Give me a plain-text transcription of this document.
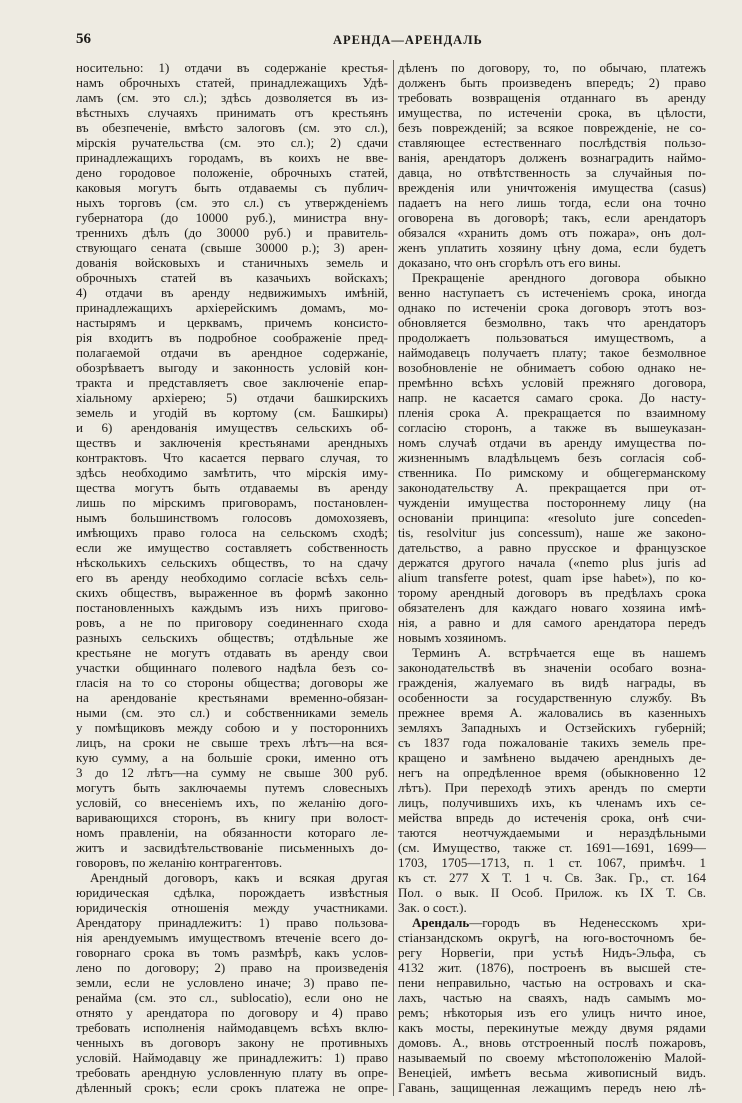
56	АРЕНДА—АРЕНДАЛЬ
носительно: 1) отдачи въ содержаніе крестья-
намъ оброчныхъ статей, принадлежащихъ Удѣ-
ламъ (см. это сл.); здѣсь дозволяется въ из-
вѣстныхъ случаяхъ принимать отъ крестьянъ
въ обезпеченіе, вмѣсто залоговъ (см. это сл.),
мірскія ручательства (см. это сл.); 2) сдачи
принадлежащихъ городамъ, въ коихъ не вве-
дено городовое положеніе, оброчныхъ статей,
каковыя могутъ быть отдаваемы съ публич-
ныхъ торговъ (см. это сл.) съ утвержденіемъ
губернатора (до 10000 руб.), министра вну-
треннихъ дѣлъ (до 30000 руб.) и правитель-
ствующаго сената (свыше 30000 р.); 3) арен-
дованія войсковыхъ и станичныхъ земель и
оброчныхъ статей въ казачьихъ войскахъ;
4) отдачи въ аренду недвижимыхъ имѣній,
принадлежащихъ архіерейскимъ домамъ, мо-
настырямъ и церквамъ, причемъ консисто-
рія входитъ въ подробное соображеніе пред-
полагаемой отдачи въ арендное содержаніе,
обозрѣваетъ выгоду и законность условій кон-
тракта и представляетъ свое заключеніе епар-
хіальному архіерею; 5) отдачи башкирскихъ
земель и угодій въ кортому (см. Башкиры)
и 6) арендованія имуществъ сельскихъ об-
ществъ и заключенія крестьянами арендныхъ
контрактовъ. Что касается перваго случая, то
здѣсь необходимо замѣтить, что мірскія иму-
щества могутъ быть отдаваемы въ аренду
лишь по мірскимъ приговорамъ, постановлен-
нымъ большинствомъ голосовъ домохозяевъ,
имѣющихъ право голоса на сельскомъ сходѣ;
если же имущество составляетъ собственность
нѣсколькихъ сельскихъ обществъ, то на сдачу
его въ аренду необходимо согласіе всѣхъ сель-
скихъ обществъ, выраженное въ формѣ законно
постановленныхъ каждымъ изъ нихъ пригово-
ровъ, а не по приговору соединеннаго схода
разныхъ сельскихъ обществъ; отдѣльные же
крестьяне не могутъ отдавать въ аренду свои
участки общиннаго полевого надѣла безъ со-
гласія на то со стороны общества; договоры же
на арендованіе крестьянами временно-обязан-
ными (см. это сл.) и собственниками земель
у помѣщиковъ между собою и у постороннихъ
лицъ, на сроки не свыше трехъ лѣтъ—на вся-
кую сумму, а на большіе сроки, именно отъ
3 до 12 лѣтъ—на сумму не свыше 300 руб.
могутъ быть заключаемы путемъ словесныхъ
условій, со внесеніемъ ихъ, по желанію дого-
варивающихся сторонъ, въ книгу при волост-
номъ правленіи, на обязанности котораго ле-
житъ и засвидѣтельствованіе письменныхъ до-
говоровъ, по желанію контрагентовъ.
Арендный договоръ, какъ и всякая другая
юридическая сдѣлка, порождаетъ извѣстныя
юридическія отношенія между участниками.
Арендатору принадлежитъ: 1) право пользова-
нія арендуемымъ имуществомъ втеченіе всего до-
говорнаго срока въ томъ размѣрѣ, какъ услов-
лено по договору; 2) право на произведенія
земли, если не условлено иначе; 3) право пе-
ренайма (см. это сл., sublocatio), если оно не
отнято у арендатора по договору и 4) право
требовать исполненія наймодавцемъ всѣхъ вклю-
ченныхъ въ договоръ закону не противныхъ
условій. Наймодавцу же принадлежитъ: 1) право
требовать арендную условленную плату въ опре-
дѣленный срокъ; если срокъ платежа не опре-
дѣленъ по договору, то, по обычаю, платежъ
долженъ быть произведенъ впередъ; 2) право
требовать возвращенія отданнаго въ аренду
имущества, по истеченіи срока, въ цѣлости,
безъ поврежденій; за всякое поврежденіе, не со-
ставляющее естественнаго послѣдствія пользо-
ванія, арендаторъ долженъ вознаградить наймо-
давца, но отвѣтственность за случайныя по-
врежденія или уничтоженія имущества (casus)
падаетъ на него лишь тогда, если она точно
оговорена въ договорѣ; такъ, если арендаторъ
обязался «хранить домъ отъ пожара», онъ дол-
женъ уплатить хозяину цѣну дома, если будетъ
доказано, что онъ сгорѣлъ отъ его вины.
Прекращеніе арендного договора обыкно
венно наступаетъ съ истеченіемъ срока, иногда
однако по истеченіи срока договоръ этотъ воз-
обновляется безмолвно, такъ что арендаторъ
продолжаетъ пользоваться имуществомъ, а
наймодавецъ получаетъ плату; такое безмолвное
возобновленіе не обнимаетъ собою однако не-
премѣнно всѣхъ условій прежняго договора,
напр. не касается самаго срока. До насту-
пленія срока А. прекращается по взаимному
согласію сторонъ, а также въ вышеуказан-
номъ случаѣ отдачи въ аренду имущества по-
жизненнымъ владѣльцемъ безъ согласія соб-
ственника. По римскому и общегерманскому
законодательству А. прекращается при от-
чужденіи имущества постороннему лицу (на
основаніи принципа: «resoluto jure conceden-
tis, resolvitur jus concessum), наше же законо-
дательство, а равно прусское и французское
держатся другого начала («nemo plus juris ad
alium transferre potest, quam ipse habet»), по ко-
торому арендный договоръ въ предѣлахъ срока
обязателенъ для каждаго новаго хозяина имѣ-
нія, а равно и для самого арендатора передъ
новымъ хозяиномъ.
Терминъ А. встрѣчается еще въ нашемъ
законодательствѣ въ значеніи особаго возна-
гражденія, жалуемаго въ видѣ награды, въ
особенности за государственную службу. Въ
прежнее время А. жаловались въ казенныхъ
земляхъ Западныхъ и Остзейскихъ губерній;
съ 1837 года пожалованіе такихъ земель пре-
кращено и замѣнено выдачею арендныхъ де-
негъ на опредѣленное время (обыкновенно 12
лѣтъ). При переходѣ этихъ арендъ по смерти
лицъ, получившихъ ихъ, къ членамъ ихъ се-
мейства впредь до истеченія срока, онѣ счи-
таются неотчуждаемыми и нераздѣльными
(см. Имущество, также ст. 1691—1691, 1699—
1703, 1705—1713, п. 1 ст. 1067, примѣч. 1
къ ст. 277 X Т. 1 ч. Св. Зак. Гр., ст. 164
Пол. о вык. II Особ. Прилож. къ IX Т. Св.
Зак. о сост.).
Арендаль—городъ въ Неденесскомъ хри-
стіанзандскомъ округѣ, на юго-восточномъ бе-
регу Норвегіи, при устьѣ Нидъ-Эльфа, съ
4132 жит. (1876), построенъ въ высшей сте-
пени неправильно, частью на островахъ и ска-
лахъ, частью на сваяхъ, надъ самымъ мо-
ремъ; нѣкоторыя изъ его улицъ ничто иное,
какъ мосты, перекинутые между двумя рядами
домовъ. А., вновь отстроенный послѣ пожаровъ,
называемый по своему мѣстоположенію Малой-
Венеціей, имѣетъ весьма живописный видъ.
Гавань, защищенная лежащимъ передъ нею лѣ-
